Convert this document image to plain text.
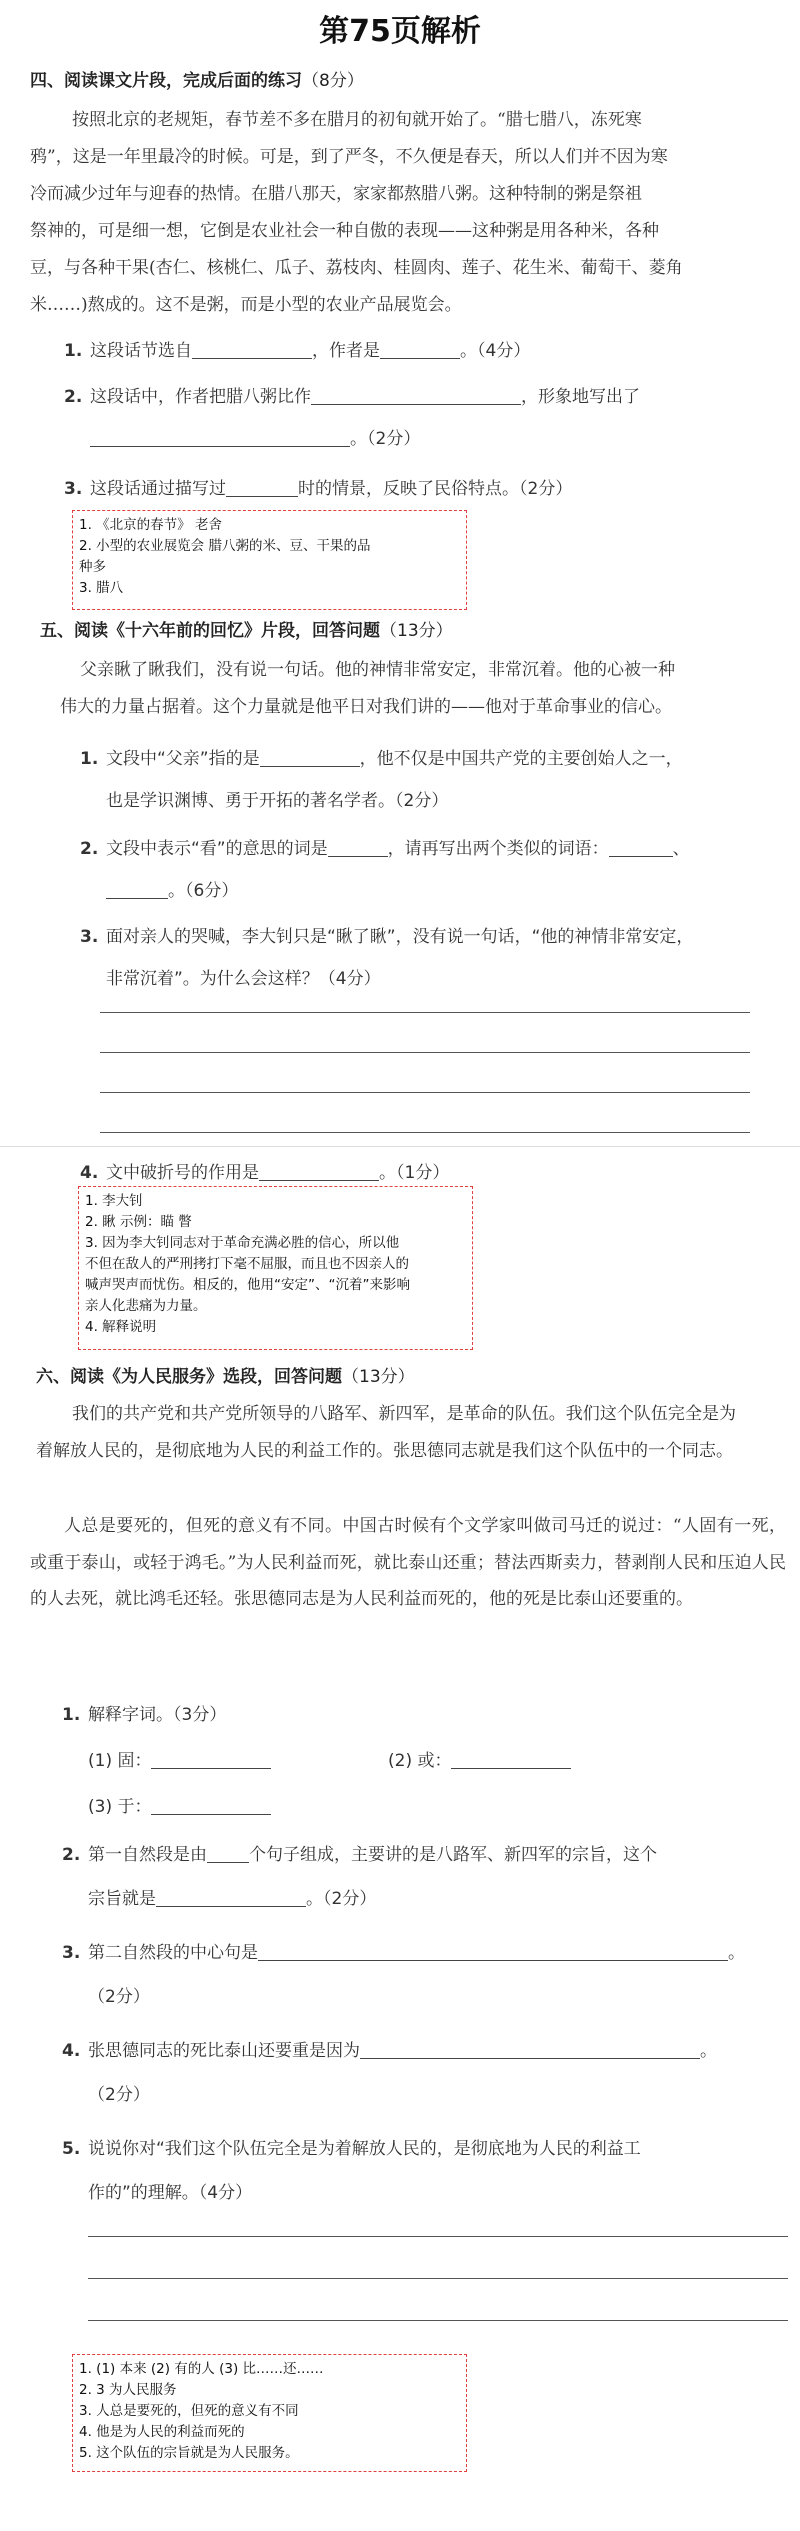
第75页解析
四、阅读课文片段，完成后面的练习（8分）
按照北京的老规矩，春节差不多在腊月的初旬就开始了。“腊七腊八，冻死寒
鸦”，这是一年里最冷的时候。可是，到了严冬，不久便是春天，所以人们并不因为寒
冷而减少过年与迎春的热情。在腊八那天，家家都熬腊八粥。这种特制的粥是祭祖
祭神的，可是细一想，它倒是农业社会一种自傲的表现——这种粥是用各种米，各种
豆，与各种干果(杏仁、核桃仁、瓜子、荔枝肉、桂圆肉、莲子、花生米、葡萄干、菱角
米……)熬成的。这不是粥，而是小型的农业产品展览会。
1. 这段话节选自	，作者是	。（4分）
2. 这段话中，作者把腊八粥比作	，形象地写出了
。（2分）
3. 这段话通过描写过	时的情景，反映了民俗特点。（2分）
1. 《北京的春节》 老舍
2. 小型的农业展览会 腊八粥的米、豆、干果的品
种多
3. 腊八
五、阅读《十六年前的回忆》片段，回答问题（13分）
父亲瞅了瞅我们，没有说一句话。他的神情非常安定，非常沉着。他的心被一种
伟大的力量占据着。这个力量就是他平日对我们讲的——他对于革命事业的信心。
1. 文段中“父亲”指的是	，他不仅是中国共产党的主要创始人之一，
也是学识渊博、勇于开拓的著名学者。（2分）
2. 文段中表示“看”的意思的词是	，请再写出两个类似的词语：	、
。（6分）
3. 面对亲人的哭喊，李大钊只是“瞅了瞅”，没有说一句话，“他的神情非常安定，
非常沉着”。为什么会这样？（4分）
4. 文中破折号的作用是	。（1分）
1. 李大钊
2. 瞅 示例：瞄 瞥
3. 因为李大钊同志对于革命充满必胜的信心，所以他
不但在敌人的严刑拷打下毫不屈服，而且也不因亲人的
喊声哭声而忧伤。相反的，他用“安定”、“沉着”来影响
亲人化悲痛为力量。
4. 解释说明
六、阅读《为人民服务》选段，回答问题（13分）
我们的共产党和共产党所领导的八路军、新四军，是革命的队伍。我们这个队伍完全是为着解放人民的，是彻底地为人民的利益工作的。张思德同志就是我们这个队伍中的一个同志。
人总是要死的，但死的意义有不同。中国古时候有个文学家叫做司马迁的说过：“人固有一死，或重于泰山，或轻于鸿毛。”为人民利益而死，就比泰山还重；替法西斯卖力，替剥削人民和压迫人民的人去死，就比鸿毛还轻。张思德同志是为人民利益而死的，他的死是比泰山还要重的。
1. 解释字词。（3分）
(1) 固：	(2) 或：
(3) 于：
2. 第一自然段是由 个句子组成，主要讲的是八路军、新四军的宗旨，这个
宗旨就是	。（2分）
3. 第二自然段的中心句是	。
（2分）
4. 张思德同志的死比泰山还要重是因为	。
（2分）
5. 说说你对“我们这个队伍完全是为着解放人民的，是彻底地为人民的利益工
作的”的理解。（4分）
1. (1) 本来 (2) 有的人 (3) 比……还……
2. 3 为人民服务
3. 人总是要死的，但死的意义有不同
4. 他是为人民的利益而死的
5. 这个队伍的宗旨就是为人民服务。
